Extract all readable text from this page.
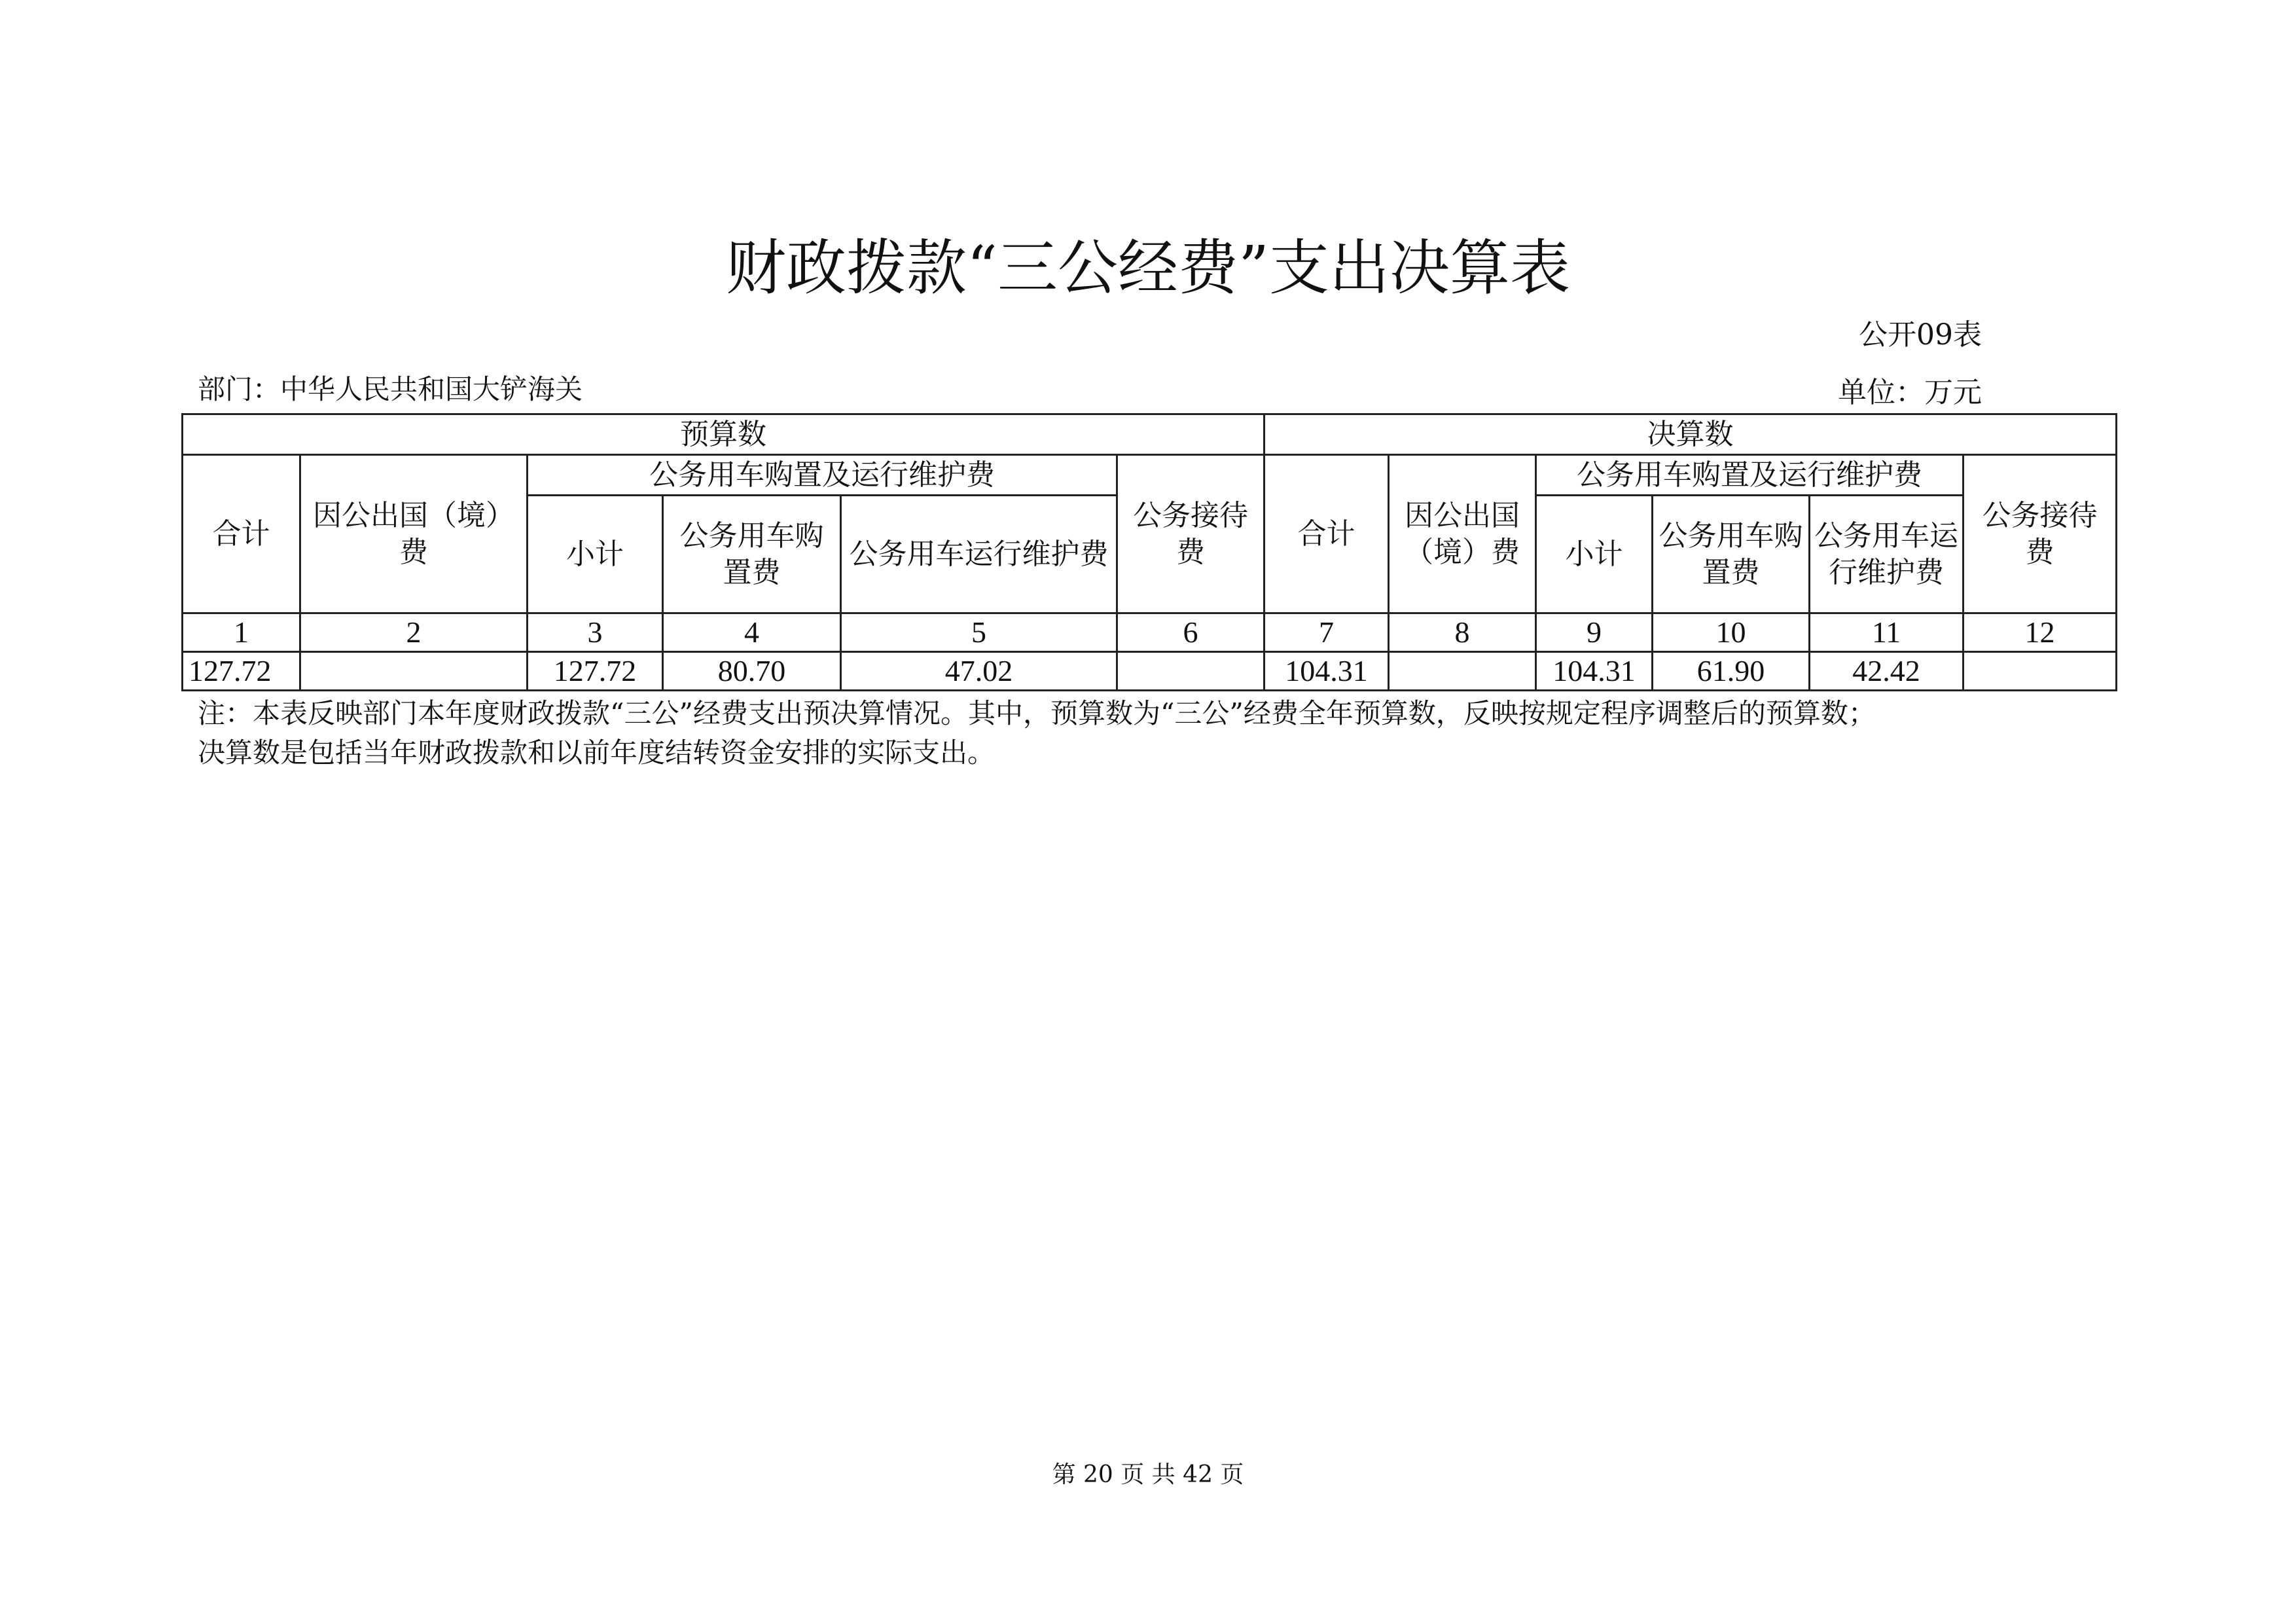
财政拨款“三公经费”支出决算表
公开09表
部门：中华人民共和国大铲海关	单位：万元
预算数						决算数					
合计	因公出国（境）费	公务用车购置及运行维护费			公务接待费	合计	因公出国（境）费	公务用车购置及运行维护费			公务接待费
		小计	公务用车购置费	公务用车运行维护费				小计	公务用车购置费	公务用车运行维护费	
1	2	3	4	5	6	7	8	9	10	11	12
127.72		127.72	80.70	47.02		104.31		104.31	61.90	42.42	
注：本表反映部门本年度财政拨款“三公”经费支出预决算情况。其中，预算数为“三公”经费全年预算数，反映按规定程序调整后的预算数；
决算数是包括当年财政拨款和以前年度结转资金安排的实际支出。
第 20 页 共 42 页
